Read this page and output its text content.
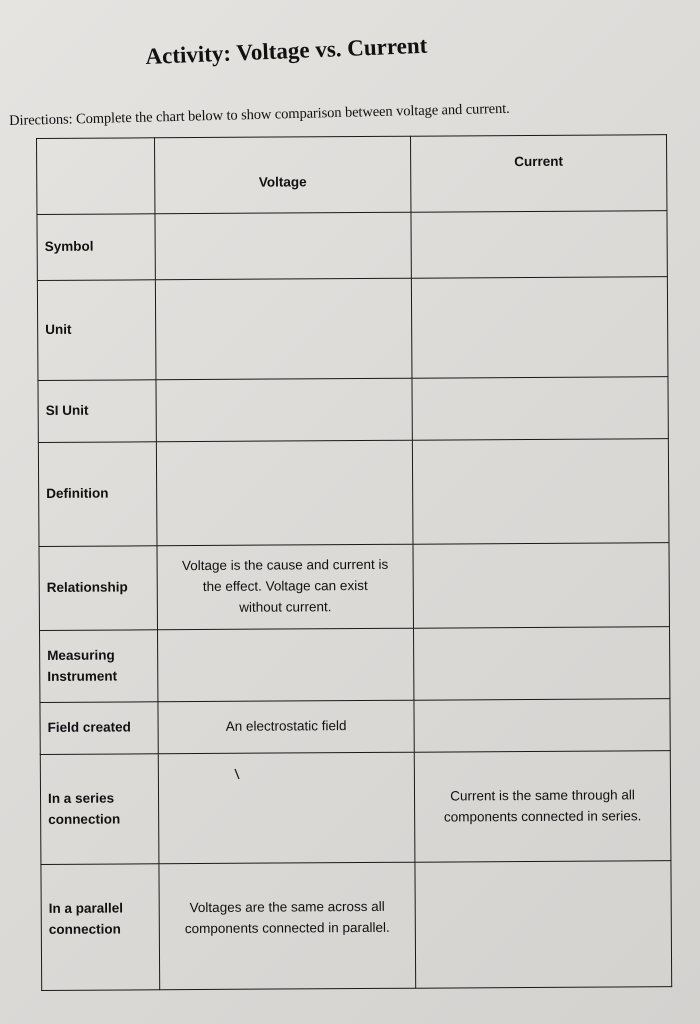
Activity: Voltage vs. Current
Directions: Complete the chart below to show comparison between voltage and current.
	Voltage	Current

Symbol		

Unit		

SI Unit		

Definition		

Relationship	Voltage is the cause and current is
the effect. Voltage can exist
without current.	

Measuring
Instrument		

Field created	An electrostatic field	

In a series
connection		Current is the same through all
components connected in series.

In a parallel
connection	Voltages are the same across all
components connected in parallel.	
